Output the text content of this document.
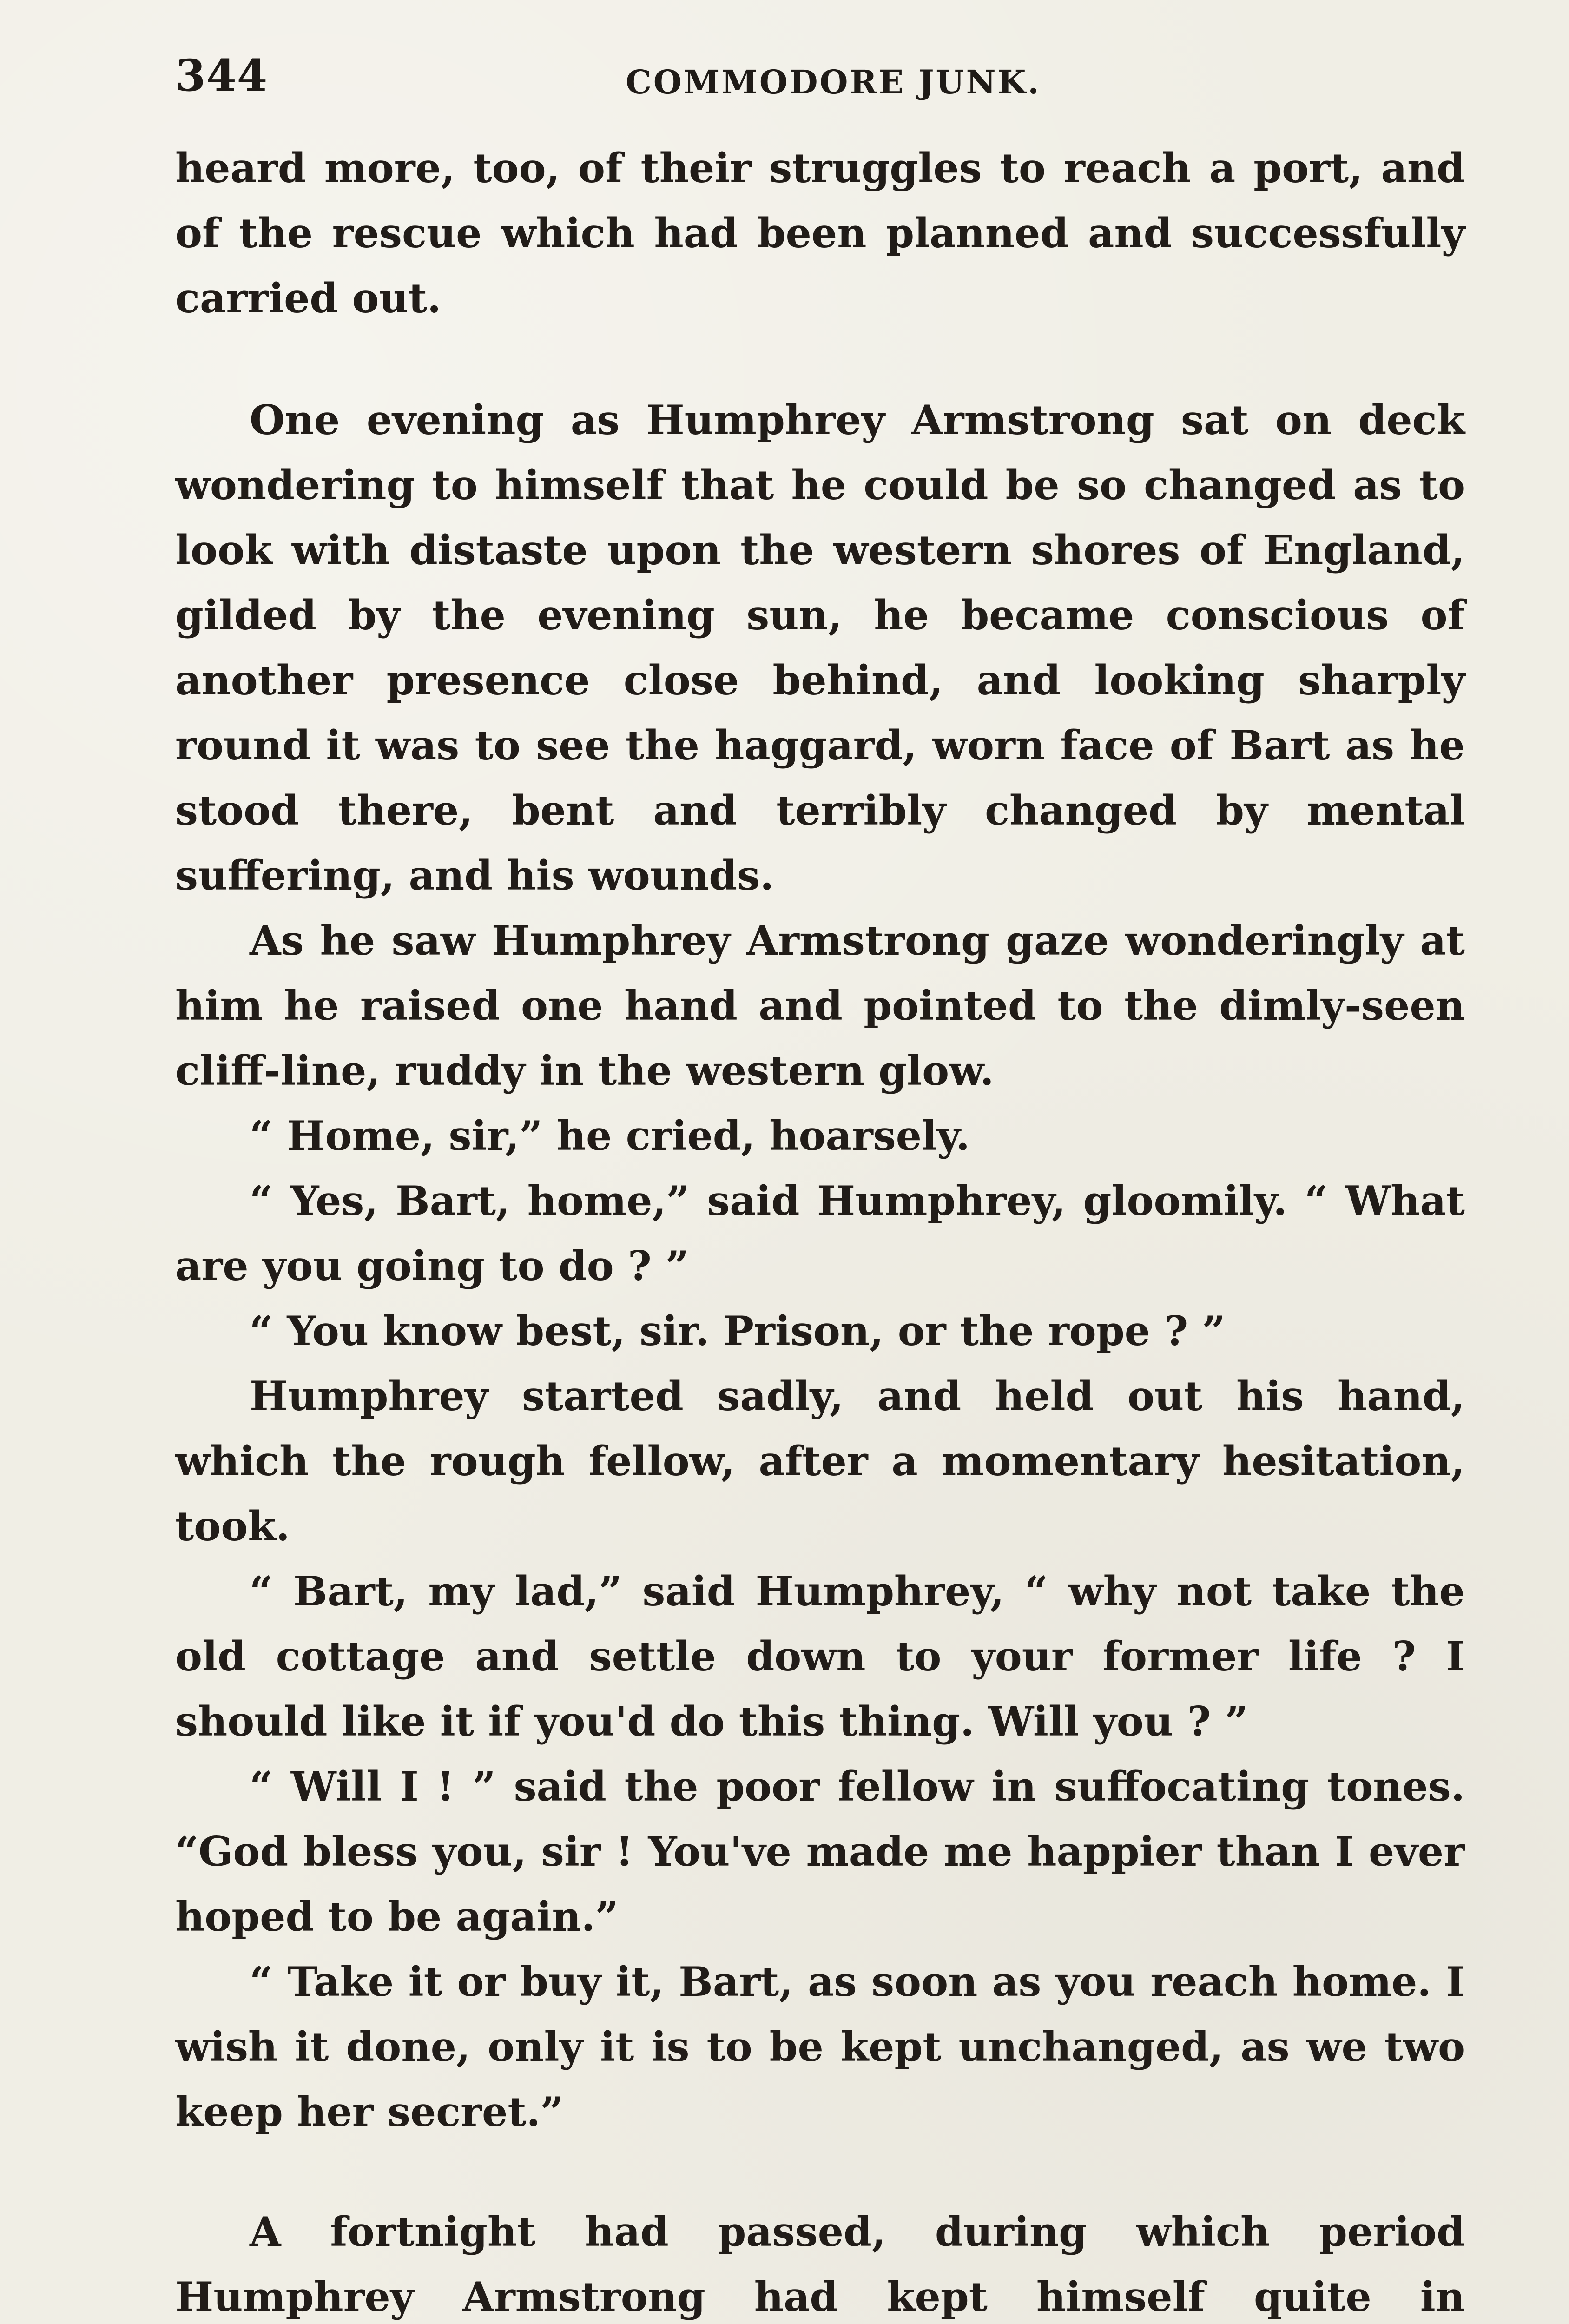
344	COMMODORE JUNK.

heard more, too, of their struggles to reach a port, and of the rescue which had been planned and successfully carried out.

One evening as Humphrey Armstrong sat on deck wondering to himself that he could be so changed as to look with distaste upon the western shores of England, gilded by the evening sun, he became conscious of another presence close behind, and looking sharply round it was to see the haggard, worn face of Bart as he stood there, bent and terribly changed by mental suffering, and his wounds.

As he saw Humphrey Armstrong gaze wonderingly at him he raised one hand and pointed to the dimly-seen cliff-line, ruddy in the western glow.

“ Home, sir,” he cried, hoarsely.

“ Yes, Bart, home,” said Humphrey, gloomily. “ What are you going to do ? ”

“ You know best, sir. Prison, or the rope ? ”

Humphrey started sadly, and held out his hand, which the rough fellow, after a momentary hesitation, took.

“ Bart, my lad,” said Humphrey, “ why not take the old cottage and settle down to your former life ? I should like it if you'd do this thing. Will you ? ”

“ Will I ! ” said the poor fellow in suffocating tones. “God bless you, sir ! You've made me happier than I ever hoped to be again.”

“ Take it or buy it, Bart, as soon as you reach home. I wish it done, only it is to be kept unchanged, as we two keep her secret.”

A fortnight had passed, during which period Humphrey Armstrong had kept himself quite in
